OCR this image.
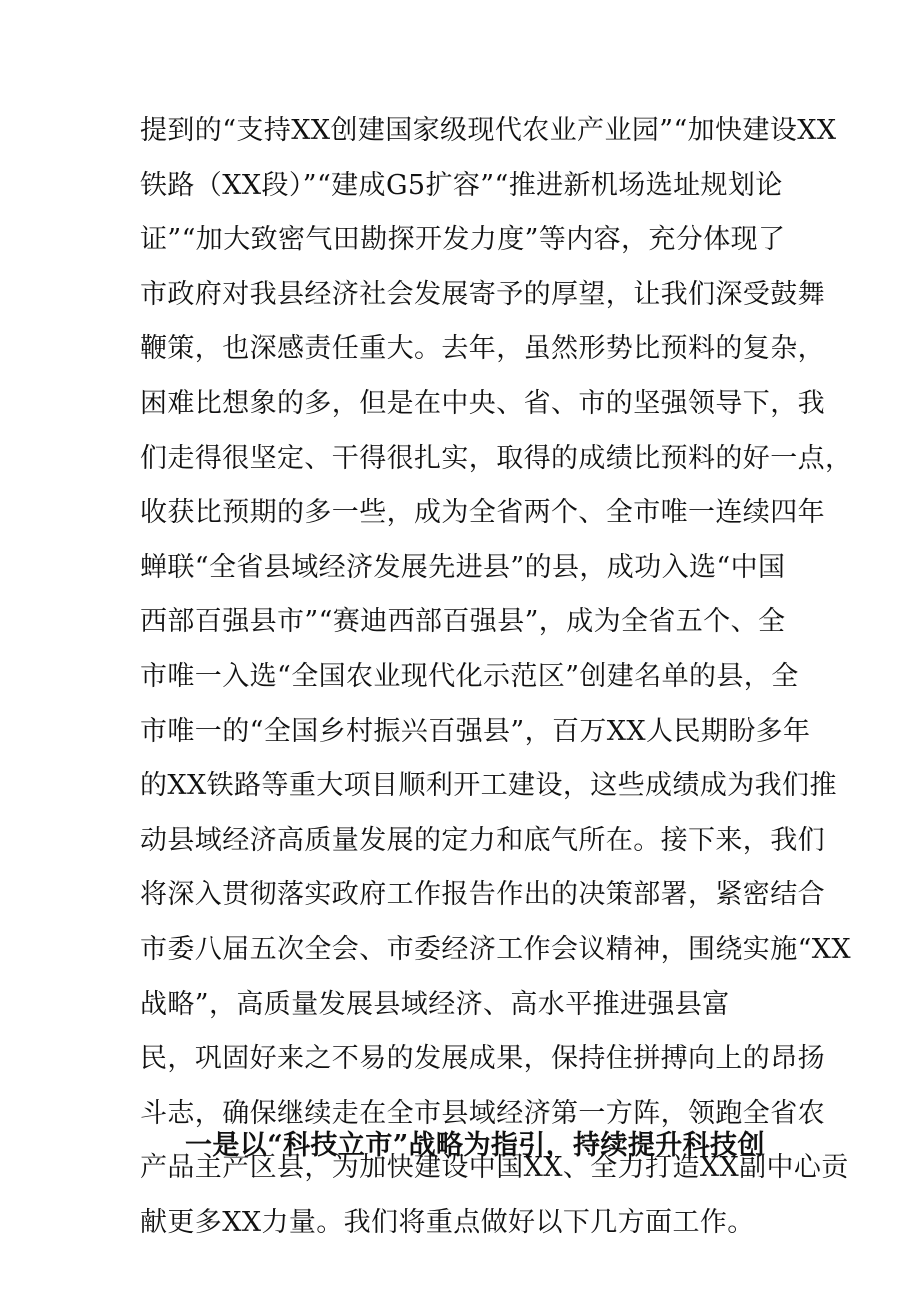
提到的“支持XX创建国家级现代农业产业园”“加快建设XX
铁路（XX段）”“建成G5扩容”“推进新机场选址规划论
证”“加大致密气田勘探开发力度”等内容，充分体现了
市政府对我县经济社会发展寄予的厚望，让我们深受鼓舞
鞭策，也深感责任重大。去年，虽然形势比预料的复杂，
困难比想象的多，但是在中央、省、市的坚强领导下，我
们走得很坚定、干得很扎实，取得的成绩比预料的好一点，
收获比预期的多一些，成为全省两个、全市唯一连续四年
蝉联“全省县域经济发展先进县”的县，成功入选“中国
西部百强县市”“赛迪西部百强县”，成为全省五个、全
市唯一入选“全国农业现代化示范区”创建名单的县，全
市唯一的“全国乡村振兴百强县”，百万XX人民期盼多年
的XX铁路等重大项目顺利开工建设，这些成绩成为我们推
动县域经济高质量发展的定力和底气所在。接下来，我们
将深入贯彻落实政府工作报告作出的决策部署，紧密结合
市委八届五次全会、市委经济工作会议精神，围绕实施“XX
战略”，高质量发展县域经济、高水平推进强县富
民，巩固好来之不易的发展成果，保持住拼搏向上的昂扬
斗志，确保继续走在全市县域经济第一方阵，领跑全省农
产品主产区县，为加快建设中国XX、全力打造XX副中心贡
献更多XX力量。我们将重点做好以下几方面工作。
一是以“科技立市”战略为指引，持续提升科技创
